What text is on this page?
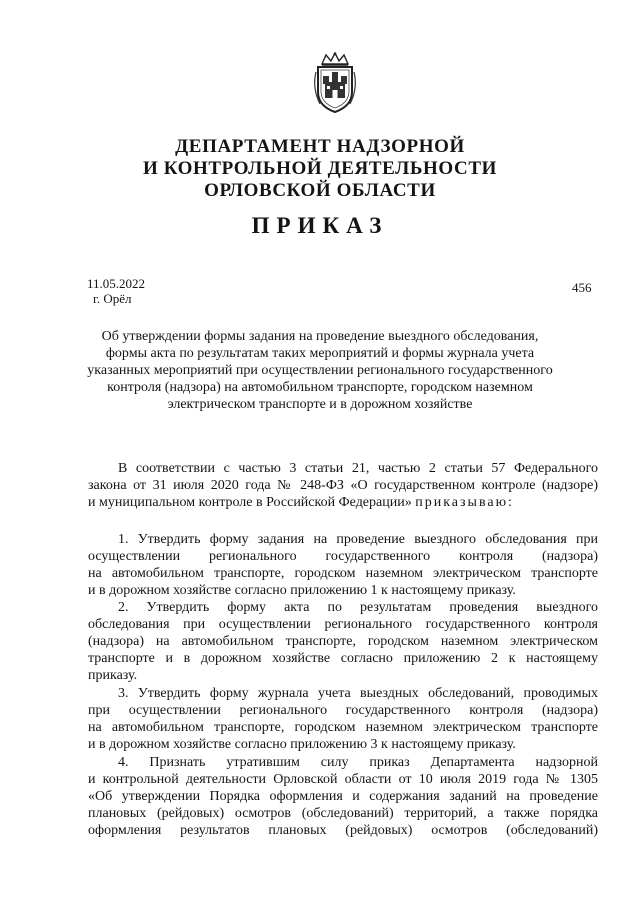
ДЕПАРТАМЕНТ НАДЗОРНОЙ
И КОНТРОЛЬНОЙ ДЕЯТЕЛЬНОСТИ
ОРЛОВСКОЙ ОБЛАСТИ
ПРИКАЗ
11.05.2022
г. Орёл
456
Об утверждении формы задания на проведение выездного обследования,
формы акта по результатам таких мероприятий и формы журнала учета
указанных мероприятий при осуществлении регионального государственного
контроля (надзора) на автомобильном транспорте, городском наземном
электрическом транспорте и в дорожном хозяйстве
В соответствии с частью 3 статьи 21, частью 2 статьи 57 Федерального
закона от 31 июля 2020 года № 248-ФЗ «О государственном контроле (надзоре)
и муниципальном контроле в Российской Федерации» приказываю:
1. Утвердить форму задания на проведение выездного обследования при
осуществлении регионального государственного контроля (надзора)
на автомобильном транспорте, городском наземном электрическом транспорте
и в дорожном хозяйстве согласно приложению 1 к настоящему приказу.
2. Утвердить форму акта по результатам проведения выездного
обследования при осуществлении регионального государственного контроля
(надзора) на автомобильном транспорте, городском наземном электрическом
транспорте и в дорожном хозяйстве согласно приложению 2 к настоящему
приказу.
3. Утвердить форму журнала учета выездных обследований, проводимых
при осуществлении регионального государственного контроля (надзора)
на автомобильном транспорте, городском наземном электрическом транспорте
и в дорожном хозяйстве согласно приложению 3 к настоящему приказу.
4. Признать утратившим силу приказ Департамента надзорной
и контрольной деятельности Орловской области от 10 июля 2019 года № 1305
«Об утверждении Порядка оформления и содержания заданий на проведение
плановых (рейдовых) осмотров (обследований) территорий, а также порядка
оформления результатов плановых (рейдовых) осмотров (обследований)
